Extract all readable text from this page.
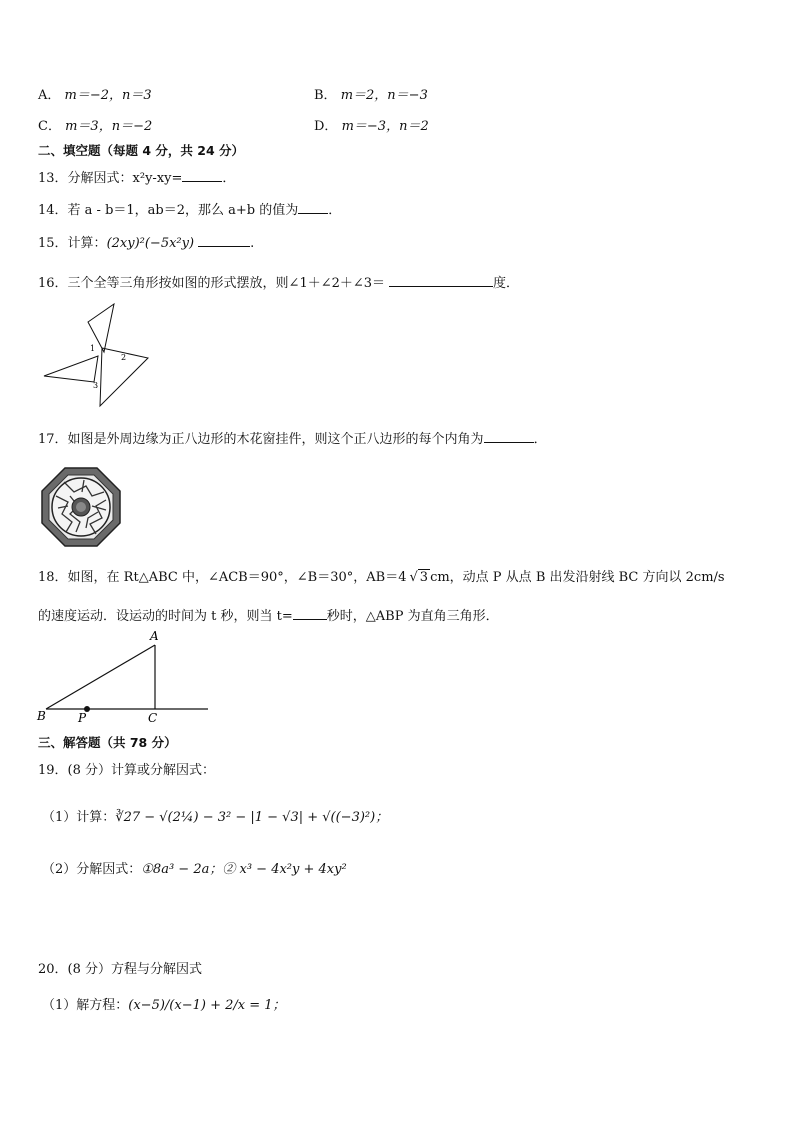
A． m＝−2，n＝3	B． m＝2，n＝−3
C． m＝3，n＝−2	D． m＝−3，n＝2
二、填空题（每题 4 分，共 24 分）
13．分解因式：x²y-xy=	．
14．若 a - b＝1，ab＝2，那么 a+b 的值为 ．
15．计算：(2xy)²(−5x²y)	.
16．三个全等三角形按如图的形式摆放，则∠1＋∠2＋∠3＝	度．
1
2
3
17．如图是外周边缘为正八边形的木花窗挂件，则这个正八边形的每个内角为	．
18．如图，在 Rt△ABC 中，∠ACB＝90°，∠B＝30°，AB＝4 √ 3 cm，动点 P 从点 B 出发沿射线 BC 方向以 2cm/s
的速度运动．设运动的时间为 t 秒，则当 t=	秒时，△ABP 为直角三角形．
A
B	C
P
三、解答题（共 78 分）
19．(8 分）计算或分解因式：
（1）计算：∛27 − √(2¼) − 3² − |1 − √3| + √((−3)²)；
（2）分解因式：①8a³ − 2a；② x³ − 4x²y + 4xy²
20．(8 分）方程与分解因式
（1）解方程：(x−5)/(x−1) + 2/x = 1；
